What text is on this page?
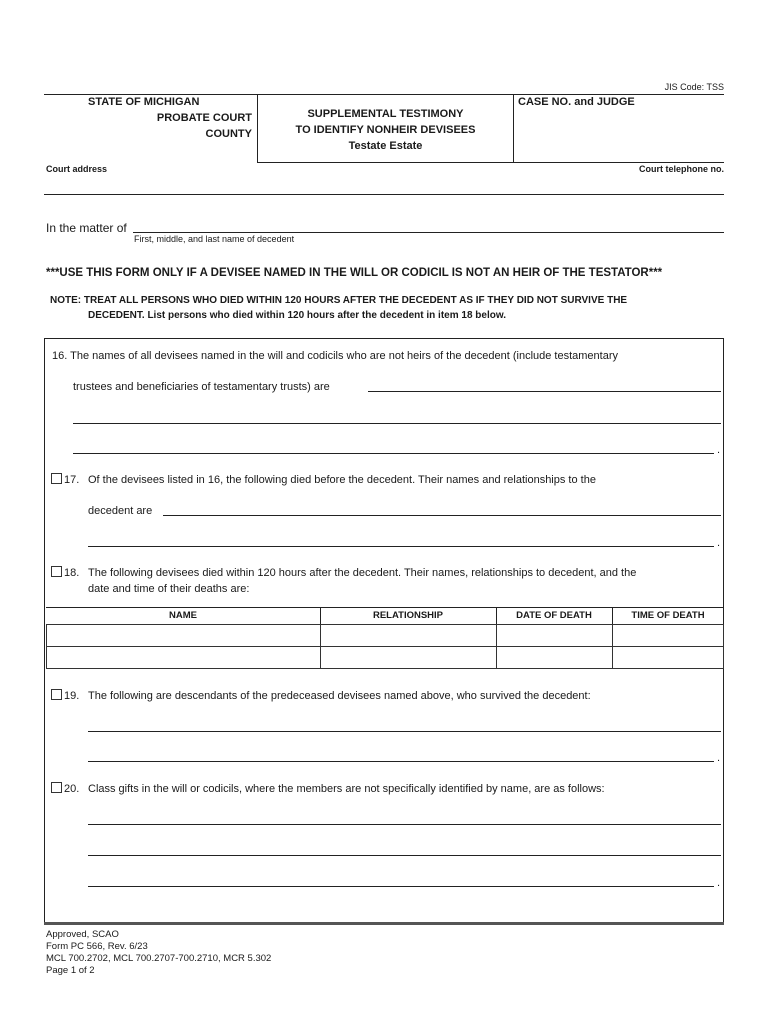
JIS Code: TSS
STATE OF MICHIGAN
PROBATE COURT
COUNTY
SUPPLEMENTAL TESTIMONY
TO IDENTIFY NONHEIR DEVISEES
Testate Estate
CASE NO. and JUDGE
Court address	Court telephone no.
In the matter of
First, middle, and last name of decedent
***USE THIS FORM ONLY IF A DEVISEE NAMED IN THE WILL OR CODICIL IS NOT AN HEIR OF THE TESTATOR***
NOTE: TREAT ALL PERSONS WHO DIED WITHIN 120 HOURS AFTER THE DECEDENT AS IF THEY DID NOT SURVIVE THE
DECEDENT. List persons who died within 120 hours after the decedent in item 18 below.
16. The names of all devisees named in the will and codicils who are not heirs of the decedent (include testamentary
trustees and beneficiaries of testamentary trusts) are
.
17. Of the devisees listed in 16, the following died before the decedent. Their names and relationships to the
decedent are
.
18. The following devisees died within 120 hours after the decedent. Their names, relationships to decedent, and the
date and time of their deaths are:
NAME	RELATIONSHIP	DATE OF DEATH	TIME OF DEATH
19. The following are descendants of the predeceased devisees named above, who survived the decedent:
.
20. Class gifts in the will or codicils, where the members are not specifically identified by name, are as follows:
.
Approved, SCAO
Form PC 566, Rev. 6/23
MCL 700.2702, MCL 700.2707-700.2710, MCR 5.302
Page 1 of 2
